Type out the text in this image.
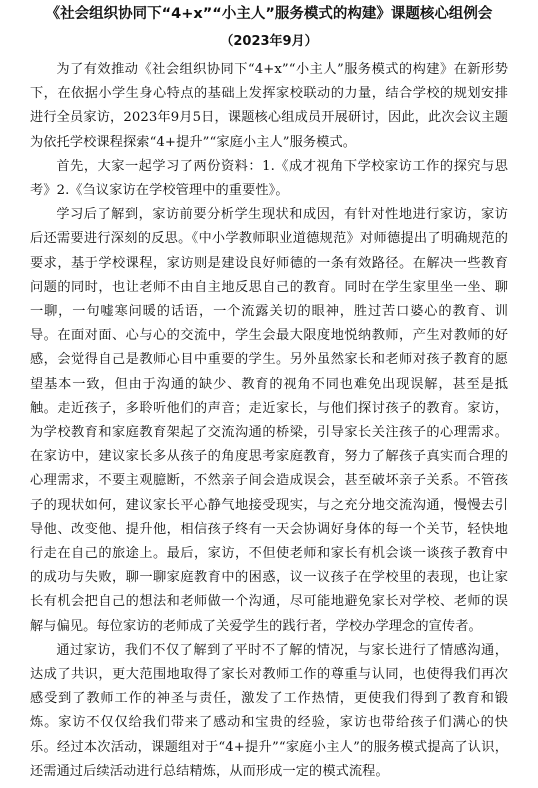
《社会组织协同下“4+x”“小主人”服务模式的构建》课题核心组例会
（2023年9月）

为了有效推动《社会组织协同下“4+x”“小主人”服务模式的构建》在新形势下，在依据小学生身心特点的基础上发挥家校联动的力量，结合学校的规划安排进行全员家访，2023年9月5日，课题核心组成员开展研讨，因此，此次会议主题为依托学校课程探索“4+提升”“家庭小主人”服务模式。

首先，大家一起学习了两份资料：1.《成才视角下学校家访工作的探究与思考》2.《刍议家访在学校管理中的重要性》。

学习后了解到，家访前要分析学生现状和成因，有针对性地进行家访，家访后还需要进行深刻的反思。《中小学教师职业道德规范》对师德提出了明确规范的要求，基于学校课程，家访则是建设良好师德的一条有效路径。在解决一些教育问题的同时，也让老师不由自主地反思自己的教育。同时在学生家里坐一坐、聊一聊，一句嘘寒问暖的话语，一个流露关切的眼神，胜过苦口婆心的教育、训导。在面对面、心与心的交流中，学生会最大限度地悦纳教师，产生对教师的好感，会觉得自己是教师心目中重要的学生。另外虽然家长和老师对孩子教育的愿望基本一致，但由于沟通的缺少、教育的视角不同也难免出现误解，甚至是抵触。走近孩子，多聆听他们的声音；走近家长，与他们探讨孩子的教育。家访，为学校教育和家庭教育架起了交流沟通的桥梁，引导家长关注孩子的心理需求。在家访中，建议家长多从孩子的角度思考家庭教育，努力了解孩子真实而合理的心理需求，不要主观臆断，不然亲子间会造成误会，甚至破坏亲子关系。不管孩子的现状如何，建议家长平心静气地接受现实，与之充分地交流沟通，慢慢去引导他、改变他、提升他，相信孩子终有一天会协调好身体的每一个关节，轻快地行走在自己的旅途上。最后，家访，不但使老师和家长有机会谈一谈孩子教育中的成功与失败，聊一聊家庭教育中的困惑，议一议孩子在学校里的表现，也让家长有机会把自己的想法和老师做一个沟通，尽可能地避免家长对学校、老师的误解与偏见。每位家访的老师成了关爱学生的践行者，学校办学理念的宣传者。

通过家访，我们不仅了解到了平时不了解的情况，与家长进行了情感沟通，达成了共识，更大范围地取得了家长对教师工作的尊重与认同，也使得我们再次感受到了教师工作的神圣与责任，激发了工作热情，更使我们得到了教育和锻炼。家访不仅仅给我们带来了感动和宝贵的经验，家访也带给孩子们满心的快乐。经过本次活动，课题组对于“4+提升”“家庭小主人”的服务模式提高了认识，还需通过后续活动进行总结精炼，从而形成一定的模式流程。
